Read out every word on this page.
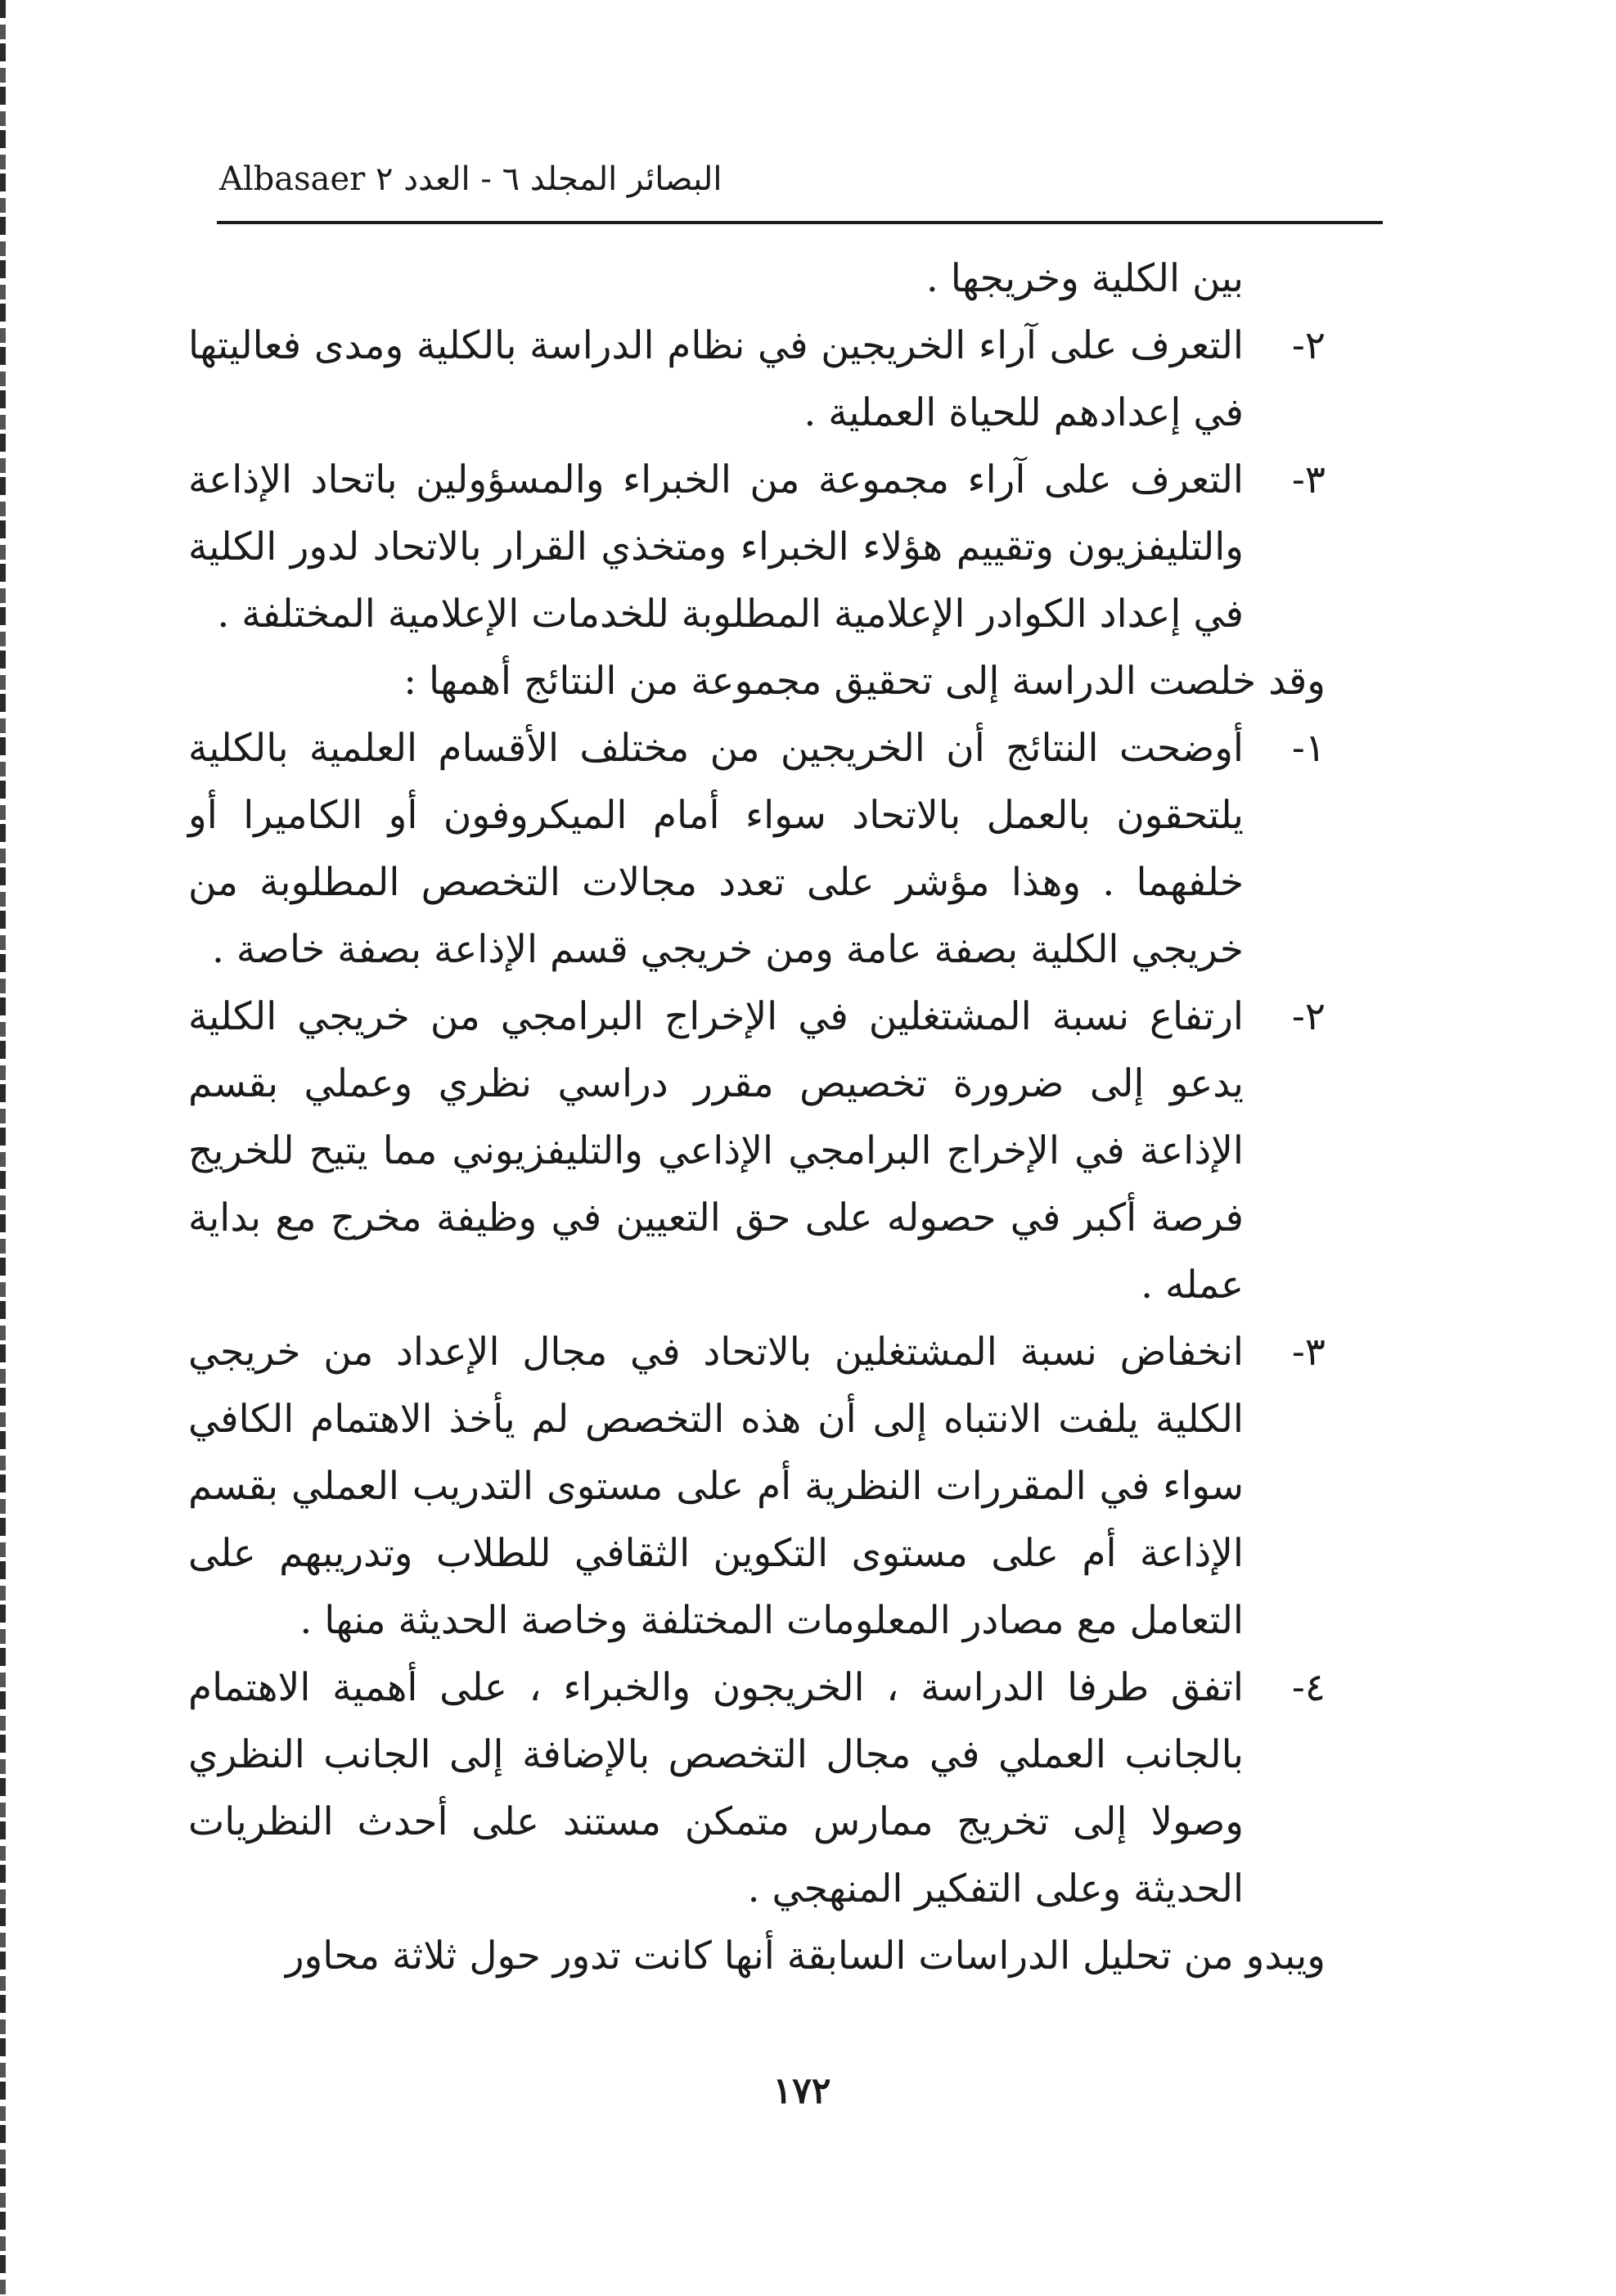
البصائر المجلد ٦ - العدد ٢ Albasaer

بين الكلية وخريجها .

٢-
التعرف على آراء الخريجين في نظام الدراسة بالكلية ومدى فعاليتها في إعدادهم للحياة العملية .
٣-
التعرف على آراء مجموعة من الخبراء والمسؤولين باتحاد الإذاعة والتليفزيون وتقييم هؤلاء الخبراء ومتخذي القرار بالاتحاد لدور الكلية في إعداد الكوادر الإعلامية المطلوبة للخدمات الإعلامية المختلفة .

وقد خلصت الدراسة إلى تحقيق مجموعة من النتائج أهمها :

١-
أوضحت النتائج أن الخريجين من مختلف الأقسام العلمية بالكلية يلتحقون بالعمل بالاتحاد سواء أمام الميكروفون أو الكاميرا أو خلفهما . وهذا مؤشر على تعدد مجالات التخصص المطلوبة من خريجي الكلية بصفة عامة ومن خريجي قسم الإذاعة بصفة خاصة .
٢-
ارتفاع نسبة المشتغلين في الإخراج البرامجي من خريجي الكلية يدعو إلى ضرورة تخصيص مقرر دراسي نظري وعملي بقسم الإذاعة في الإخراج البرامجي الإذاعي والتليفزيوني مما يتيح للخريج فرصة أكبر في حصوله على حق التعيين في وظيفة مخرج مع بداية عمله .
٣-
انخفاض نسبة المشتغلين بالاتحاد في مجال الإعداد من خريجي الكلية يلفت الانتباه إلى أن هذه التخصص لم يأخذ الاهتمام الكافي سواء في المقررات النظرية أم على مستوى التدريب العملي بقسم الإذاعة أم على مستوى التكوين الثقافي للطلاب وتدريبهم على التعامل مع مصادر المعلومات المختلفة وخاصة الحديثة منها .
٤-
اتفق طرفا الدراسة ، الخريجون والخبراء ، على أهمية الاهتمام بالجانب العملي في مجال التخصص بالإضافة إلى الجانب النظري وصولا إلى تخريج ممارس متمكن مستند على أحدث النظريات الحديثة وعلى التفكير المنهجي .

ويبدو من تحليل الدراسات السابقة أنها كانت تدور حول ثلاثة محاور

١٧٢
